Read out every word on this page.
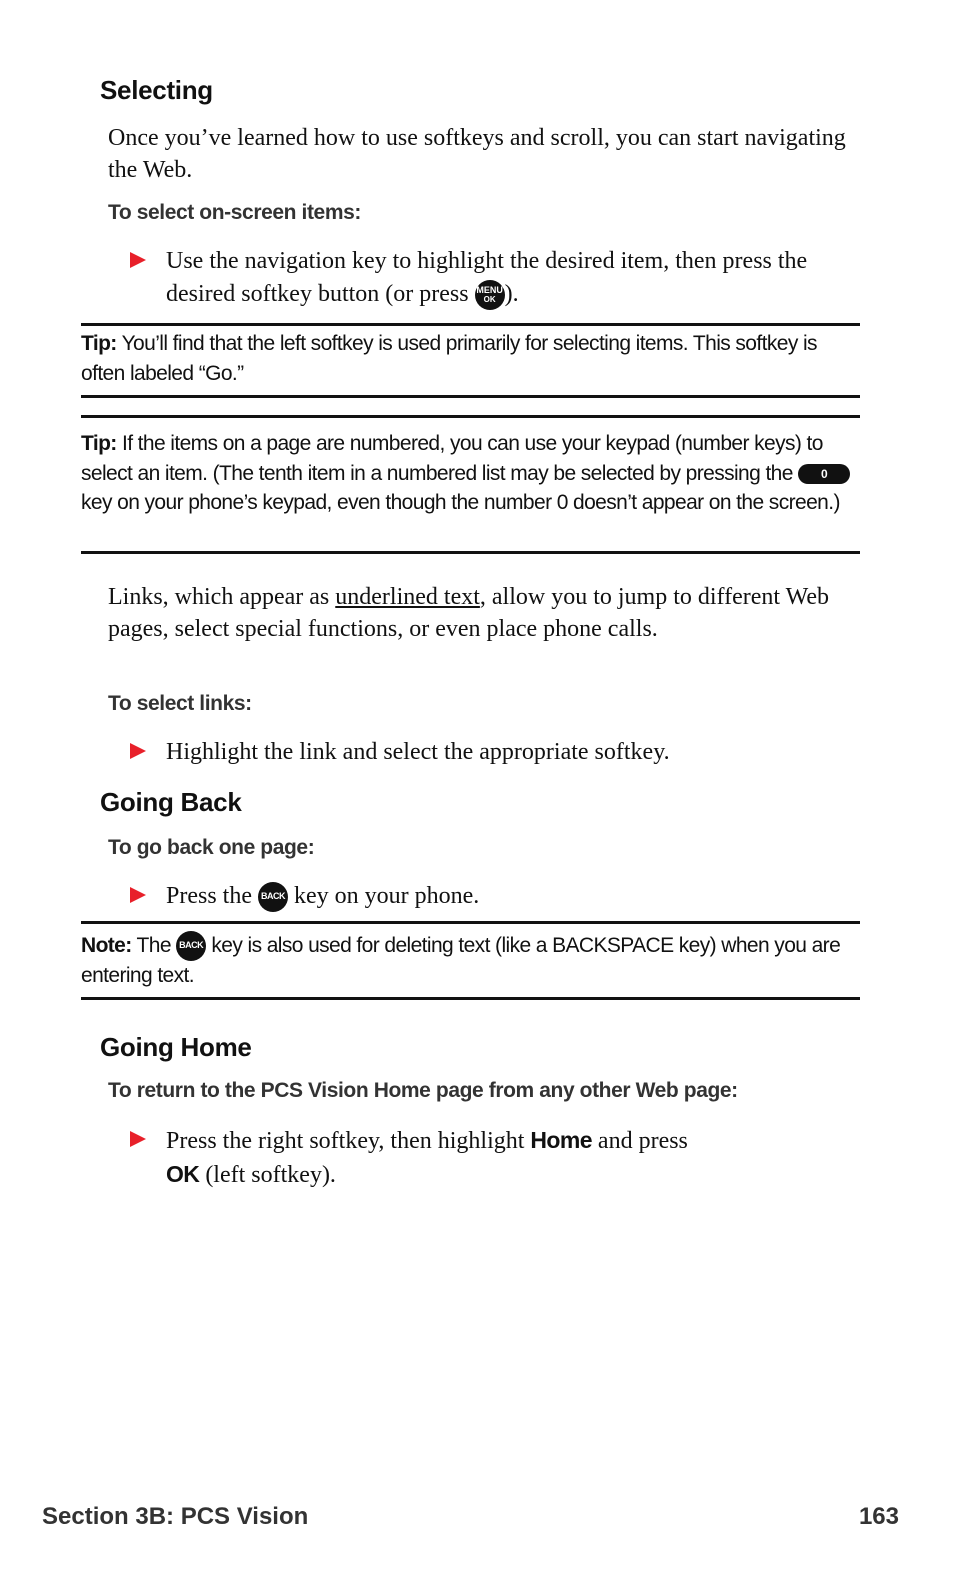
Selecting
Once you’ve learned how to use softkeys and scroll, you can start navigating the Web.
To select on-screen items:
Use the navigation key to highlight the desired item, then press the desired softkey button (or press MENU
OK ).
Tip: You’ll find that the left softkey is used primarily for selecting items. This softkey is often labeled “Go.”
Tip: If the items on a page are numbered, you can use your keypad (number keys) to select an item. (The tenth item in a numbered list may be selected by pressing the 0 key on your phone’s keypad, even though the number 0 doesn’t appear on the screen.)
Links, which appear as underlined text, allow you to jump to different Web pages, select special functions, or even place phone calls.
To select links:
Highlight the link and select the appropriate softkey.
Going Back
To go back one page:
Press the BACK key on your phone.
Note: The BACK key is also used for deleting text (like a BACKSPACE key) when you are entering text.
Going Home
To return to the PCS Vision Home page from any other Web page:
Press the right softkey, then highlight Home and press
OK (left softkey).
Section 3B: PCS Vision	163
